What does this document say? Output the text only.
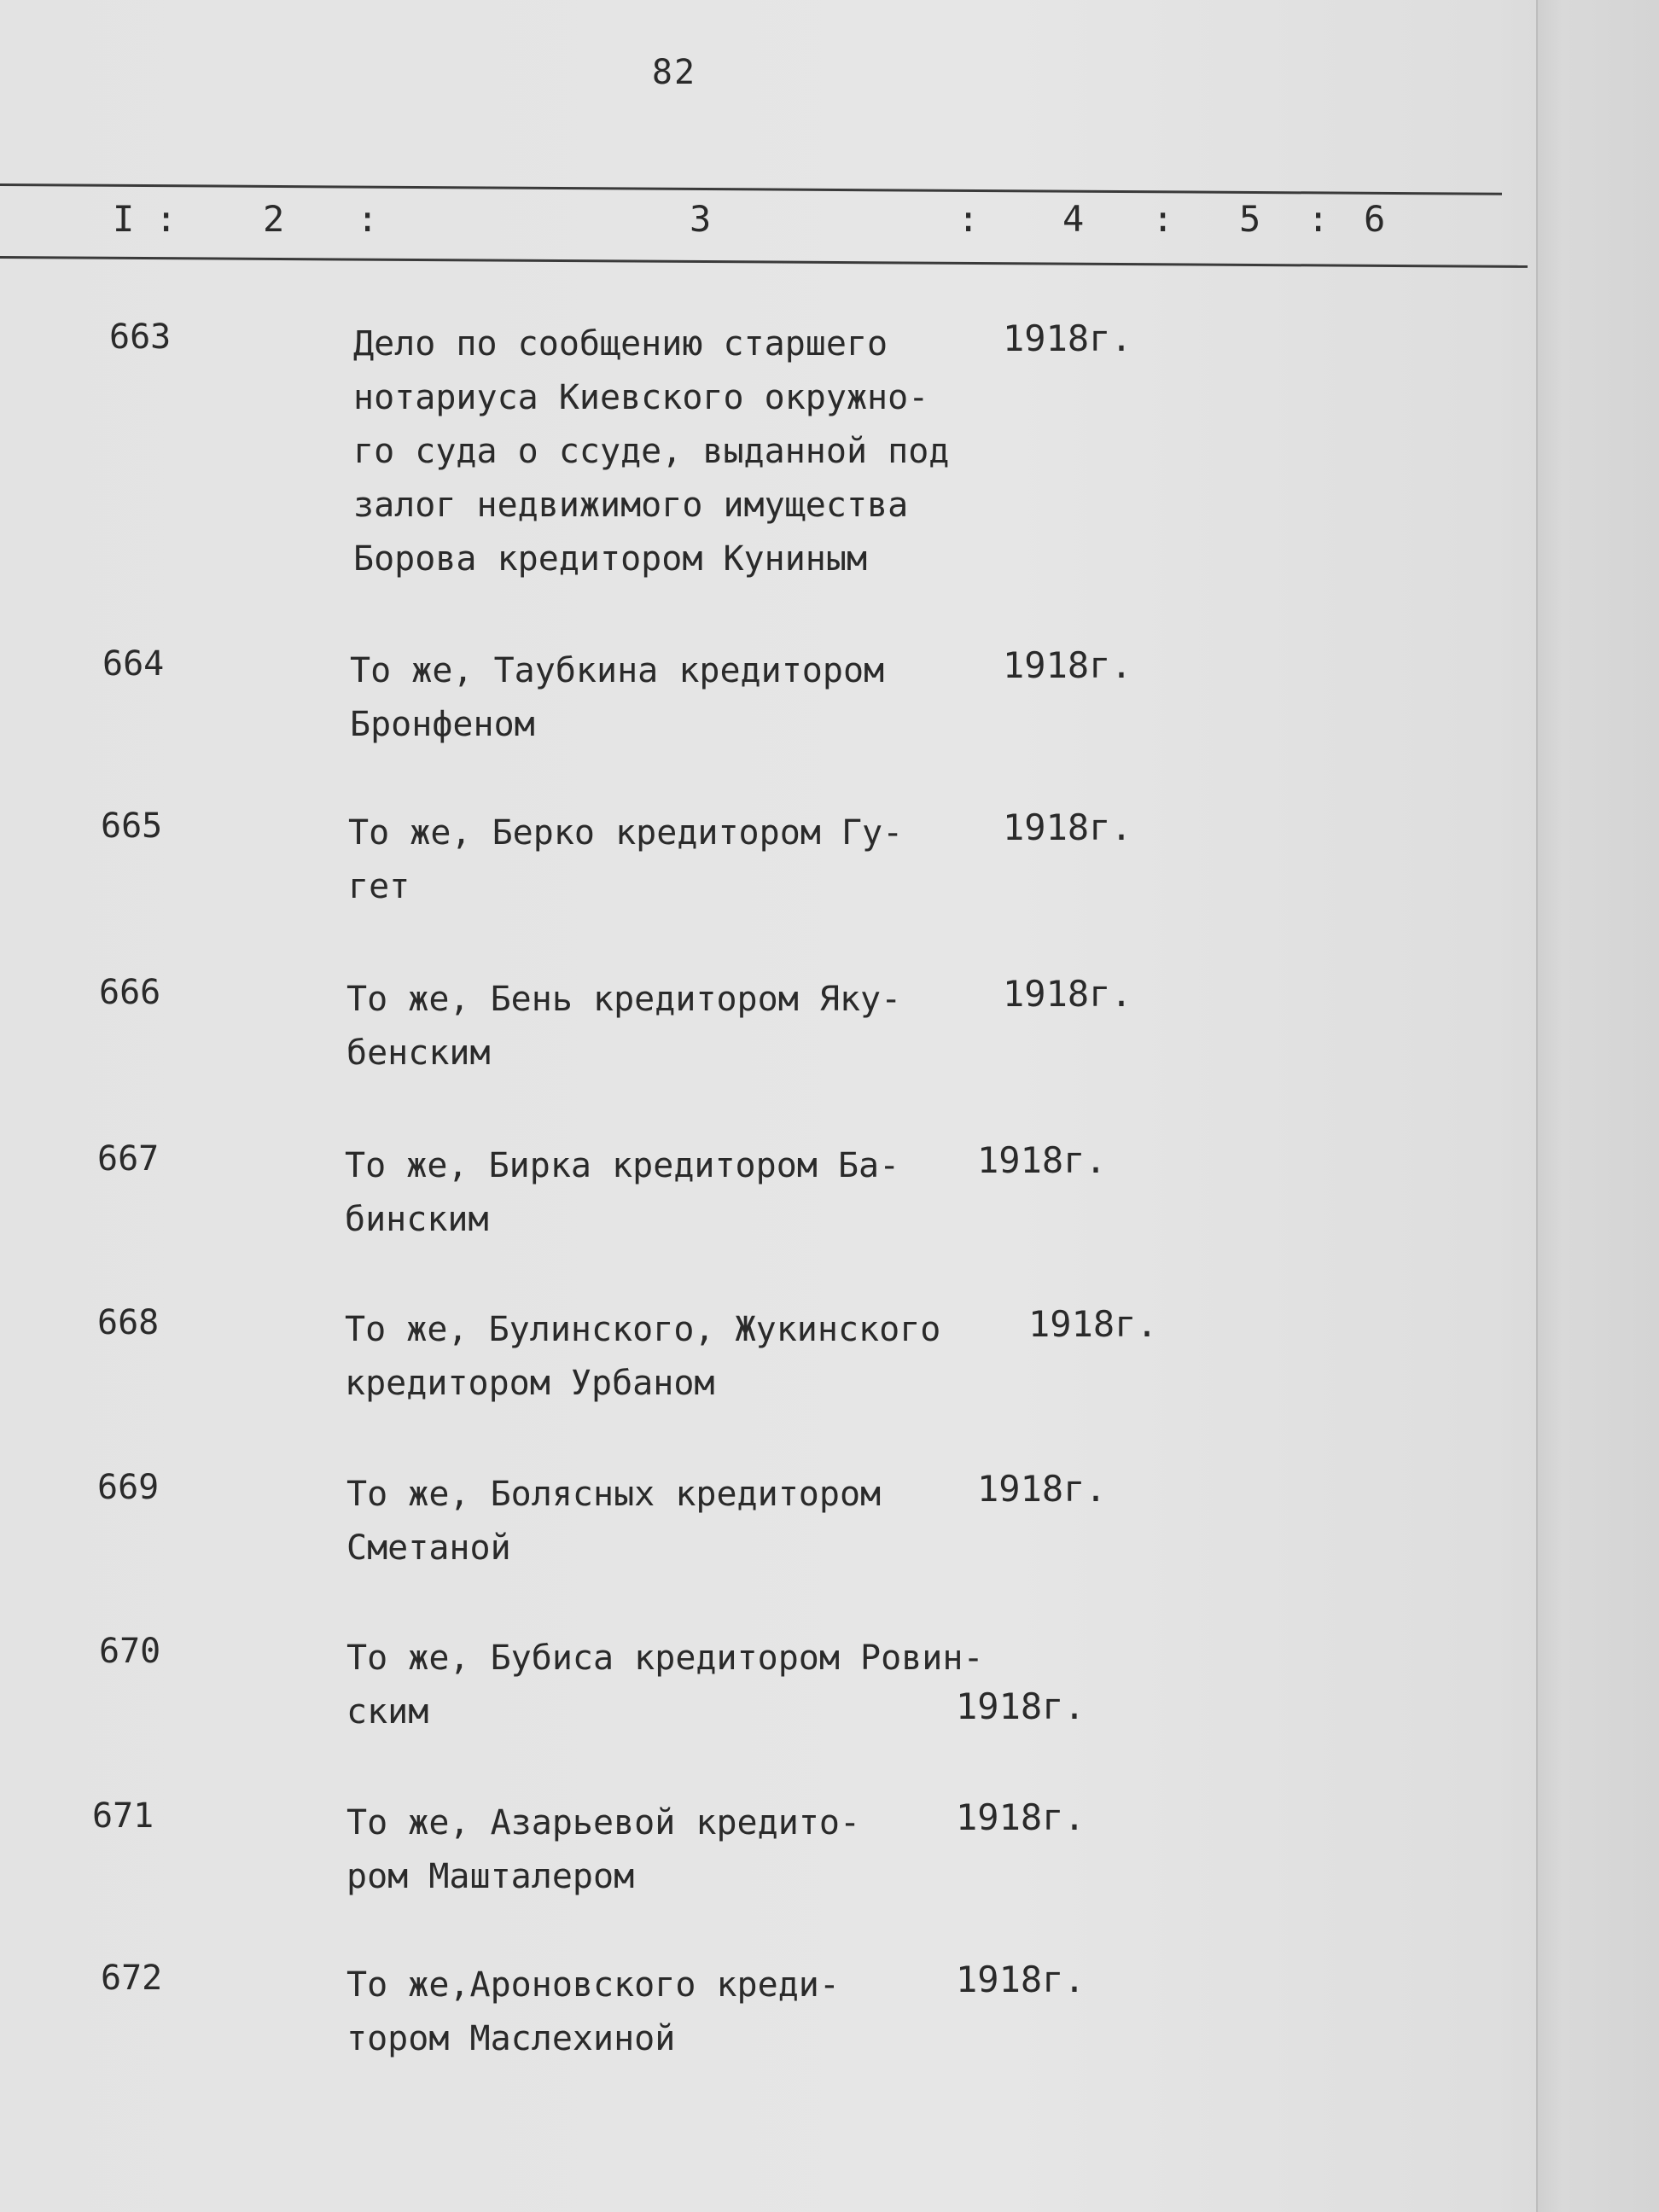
82
I : 2 :	3	: 4 : 5 : 6
663	Дело по сообщению старшего
нотариуса Киевского окружно-
го суда о ссуде, выданной под
залог недвижимого имущества
Борова кредитором Куниным
1918г.
664	То же, Таубкина кредитором
Бронфеном
1918г.
665	То же, Берко кредитором Гу-
гет
1918г.
666	То же, Бень кредитором Яку-
бенским
1918г.
667	То же, Бирка кредитором Ба-
бинским
1918г.
668	То же, Булинского, Жукинского
кредитором Урбаном
1918г.
669	То же, Болясных кредитором
Сметаной
1918г.
670	То же, Бубиса кредитором Ровин-
ским	1918г.
671	То же, Азарьевой кредито-
ром Машталером
1918г.
672	То же,Ароновского креди-
тором Маслехиной
1918г.
